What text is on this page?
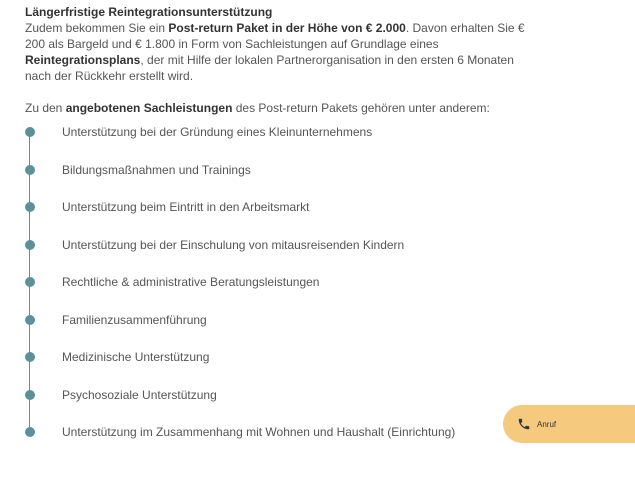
Längerfristige Reintegrationsunterstützung
Zudem bekommen Sie ein Post-return Paket in der Höhe von € 2.000. Davon erhalten Sie € 200 als Bargeld und € 1.800 in Form von Sachleistungen auf Grundlage eines Reintegrationsplans, der mit Hilfe der lokalen Partnerorganisation in den ersten 6 Monaten nach der Rückkehr erstellt wird.
Zu den angebotenen Sachleistungen des Post-return Pakets gehören unter anderem:
Unterstützung bei der Gründung eines Kleinunternehmens
Bildungsmaßnahmen und Trainings
Unterstützung beim Eintritt in den Arbeitsmarkt
Unterstützung bei der Einschulung von mitausreisenden Kindern
Rechtliche & administrative Beratungsleistungen
Familienzusammenführung
Medizinische Unterstützung
Psychosoziale Unterstützung
Unterstützung im Zusammenhang mit Wohnen und Haushalt (Einrichtung)
Anruf
